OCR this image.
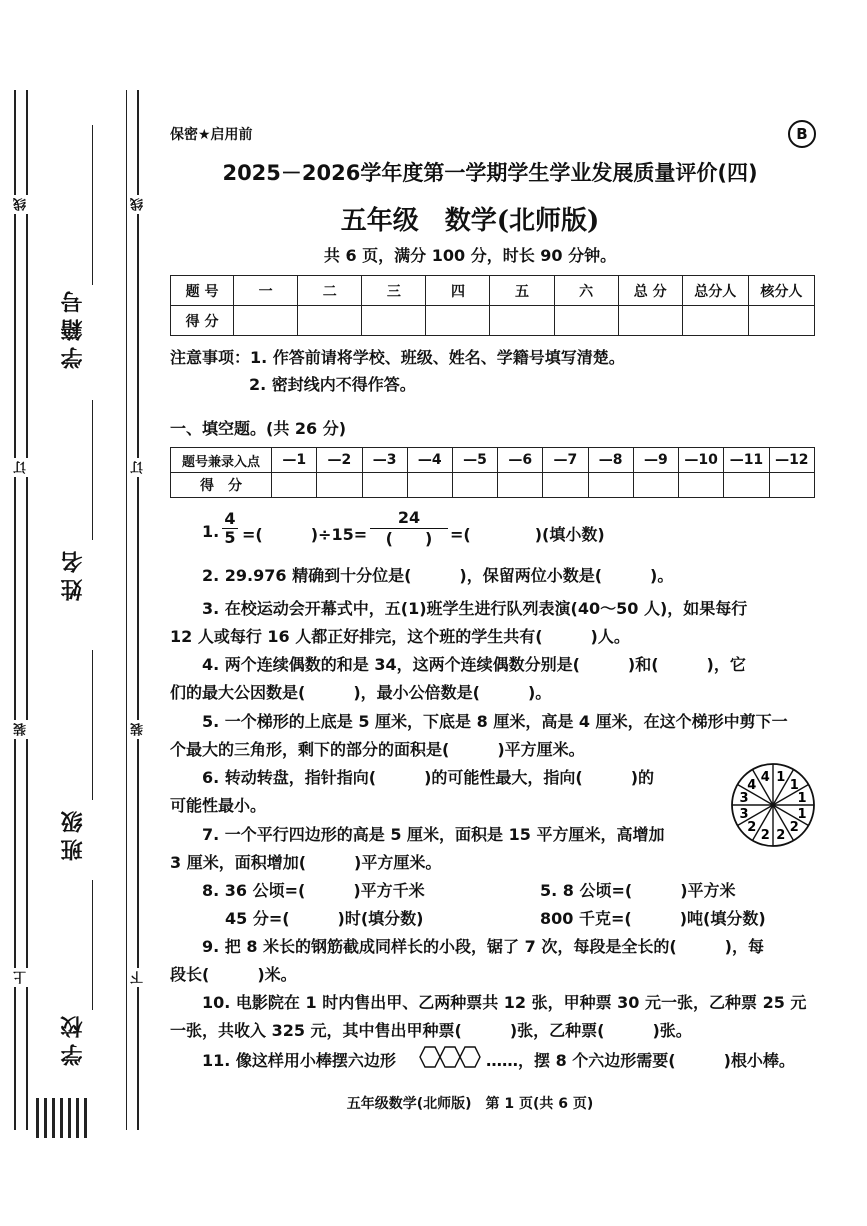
线
订
装
上
线
订
装
下
学籍号
姓名
班级
学校
保密★启用前	B
2025－2026学年度第一学期学生学业发展质量评价(四)
五年级　数学(北师版)
共 6 页，满分 100 分，时长 90 分钟。
题 号	一	二	三	四	五	六	总 分	总分人	核分人
得 分									
注意事项：1. 作答前请将学校、班级、姓名、学籍号填写清楚。
2. 密封线内不得作答。
一、填空题。(共 26 分)
题号兼录入点	—1	—2	—3	—4	—5	—6	—7	—8	—9	—10	—11	—12
得　分												
1. $\frac{4}{5}$ =(　　　)÷15=
24
(　　)	=(　　　　)(填小数)
2. 29.976 精确到十分位是(　　　)，保留两位小数是(　　　)。
3. 在校运动会开幕式中，五(1)班学生进行队列表演(40～50 人)，如果每行
12 人或每行 16 人都正好排完，这个班的学生共有(　　　)人。
4. 两个连续偶数的和是 34，这两个连续偶数分别是(　　　)和(　　　)，它
们的最大公因数是(　　　)，最小公倍数是(　　　)。
5. 一个梯形的上底是 5 厘米，下底是 8 厘米，高是 4 厘米，在这个梯形中剪下一
个最大的三角形，剩下的部分的面积是(　　　)平方厘米。
6. 转动转盘，指针指向(　　　)的可能性最大，指向(　　　)的
可能性最小。
1
1
1
1
2
2
2
2
3
3
4
4
7. 一个平行四边形的高是 5 厘米，面积是 15 平方厘米，高增加
3 厘米，面积增加(　　　)平方厘米。
8. 36 公顷=(　　　)平方千米	5. 8 公顷=(　　　)平方米
45 分=(　　　)时(填分数)	800 千克=(　　　)吨(填分数)
9. 把 8 米长的钢筋截成同样长的小段，锯了 7 次，每段是全长的(　　　)，每
段长(　　　)米。
10. 电影院在 1 时内售出甲、乙两种票共 12 张，甲种票 30 元一张，乙种票 25 元
一张，共收入 325 元，其中售出甲种票(　　　)张，乙种票(　　　)张。
11. 像这样用小棒摆六边形	……，摆 8 个六边形需要(　　　)根小棒。
五年级数学(北师版)　第 1 页(共 6 页)
